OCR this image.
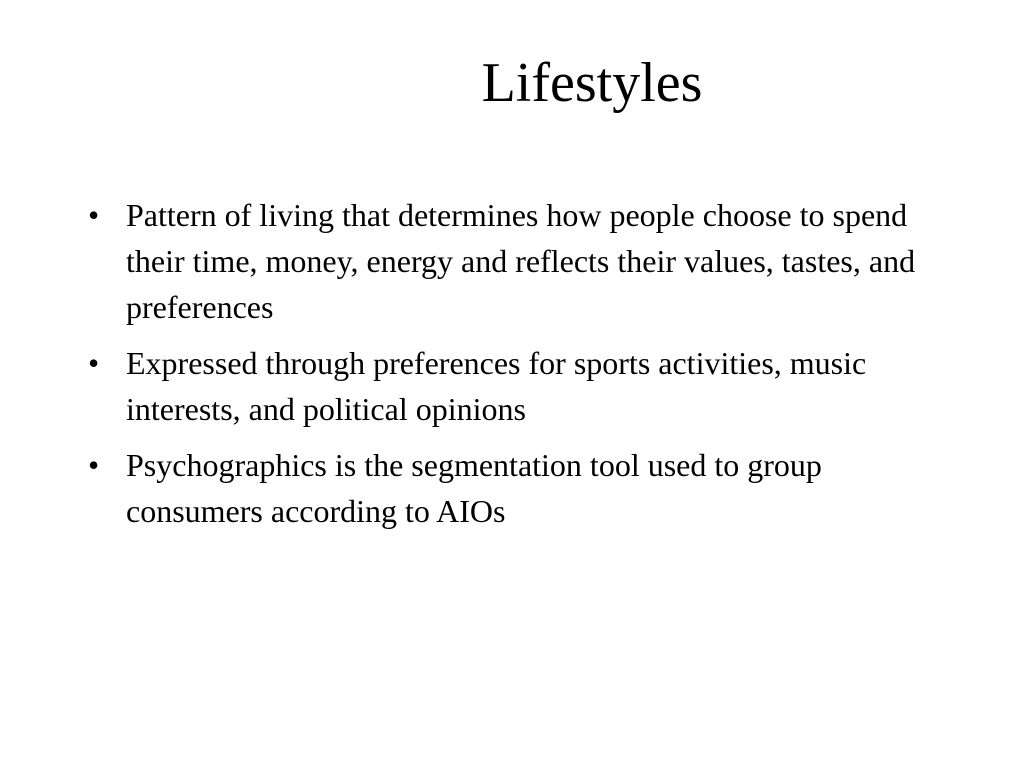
Lifestyles
• Pattern of living that determines how people choose to spend their time, money, energy and reflects their values, tastes, and preferences
• Expressed through preferences for sports activities, music interests, and political opinions
• Psychographics is the segmentation tool used to group consumers according to AIOs
